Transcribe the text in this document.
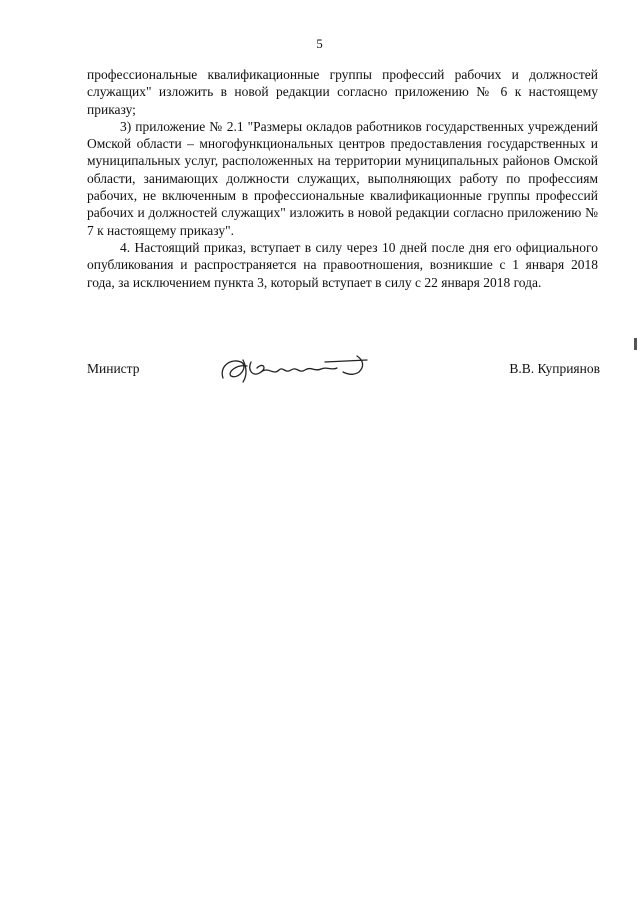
5

профессиональные квалификационные группы профессий рабочих и должностей служащих" изложить в новой редакции согласно приложению № 6 к настоящему приказу;

3) приложение № 2.1 "Размеры окладов работников государственных учреждений Омской области – многофункциональных центров предоставления государственных и муниципальных услуг, расположенных на территории муниципальных районов Омской области, занимающих должности служащих, выполняющих работу по профессиям рабочих, не включенным в профессиональные квалификационные группы профессий рабочих и должностей служащих" изложить в новой редакции согласно приложению № 7 к настоящему приказу".

4. Настоящий приказ, вступает в силу через 10 дней после дня его официального опубликования и распространяется на правоотношения, возникшие с 1 января 2018 года, за исключением пункта 3, который вступает в силу с 22 января 2018 года.

Министр	В.В. Куприянов
